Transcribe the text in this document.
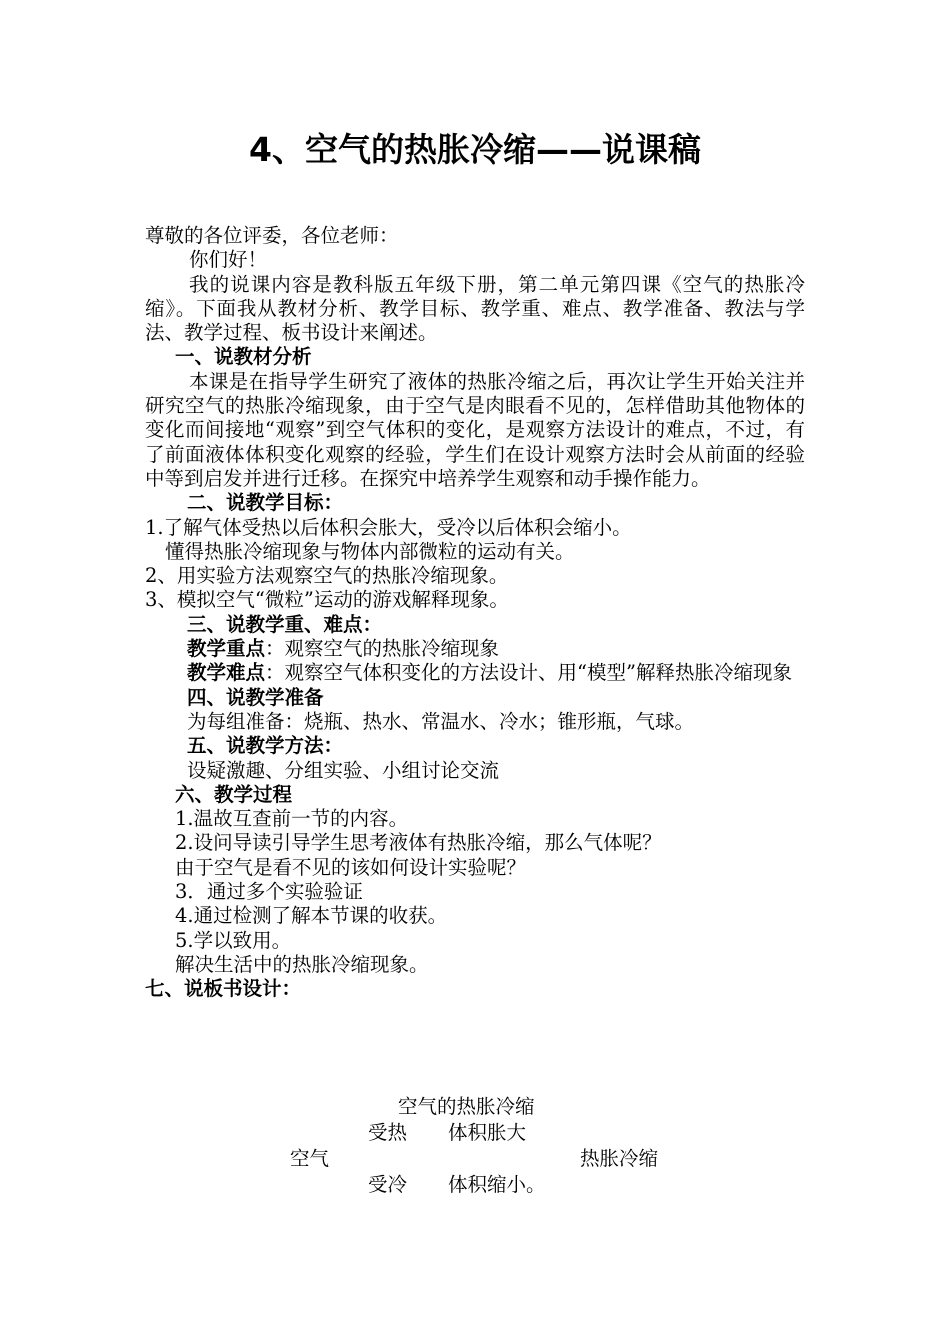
4、空气的热胀冷缩——说课稿

尊敬的各位评委，各位老师：

你们好！

我的说课内容是教科版五年级下册，第二单元第四课《空气的热胀冷缩》。下面我从教材分析、教学目标、教学重、难点、教学准备、教法与学法、教学过程、板书设计来阐述。

一、说教材分析

本课是在指导学生研究了液体的热胀冷缩之后，再次让学生开始关注并研究空气的热胀冷缩现象，由于空气是肉眼看不见的，怎样借助其他物体的变化而间接地“观察”到空气体积的变化，是观察方法设计的难点，不过，有了前面液体体积变化观察的经验，学生们在设计观察方法时会从前面的经验中等到启发并进行迁移。在探究中培养学生观察和动手操作能力。

二、说教学目标：

1.了解气体受热以后体积会胀大，受冷以后体积会缩小。

懂得热胀冷缩现象与物体内部微粒的运动有关。

2、用实验方法观察空气的热胀冷缩现象。

3、模拟空气“微粒”运动的游戏解释现象。

三、说教学重、难点：

教学重点：观察空气的热胀冷缩现象

教学难点：观察空气体积变化的方法设计、用“模型”解释热胀冷缩现象

四、说教学准备

为每组准备：烧瓶、热水、常温水、冷水；锥形瓶，气球。

五、说教学方法：

设疑激趣、分组实验、小组讨论交流

六、教学过程

1.温故互查前一节的内容。

2.设问导读引导学生思考液体有热胀冷缩，那么气体呢？

由于空气是看不见的该如何设计实验呢？

3．通过多个实验验证

4.通过检测了解本节课的收获。

5.学以致用。

解决生活中的热胀冷缩现象。

七、说板书设计：

空气的热胀冷缩
受热 体积胀大
空气	热胀冷缩
受冷 体积缩小。
